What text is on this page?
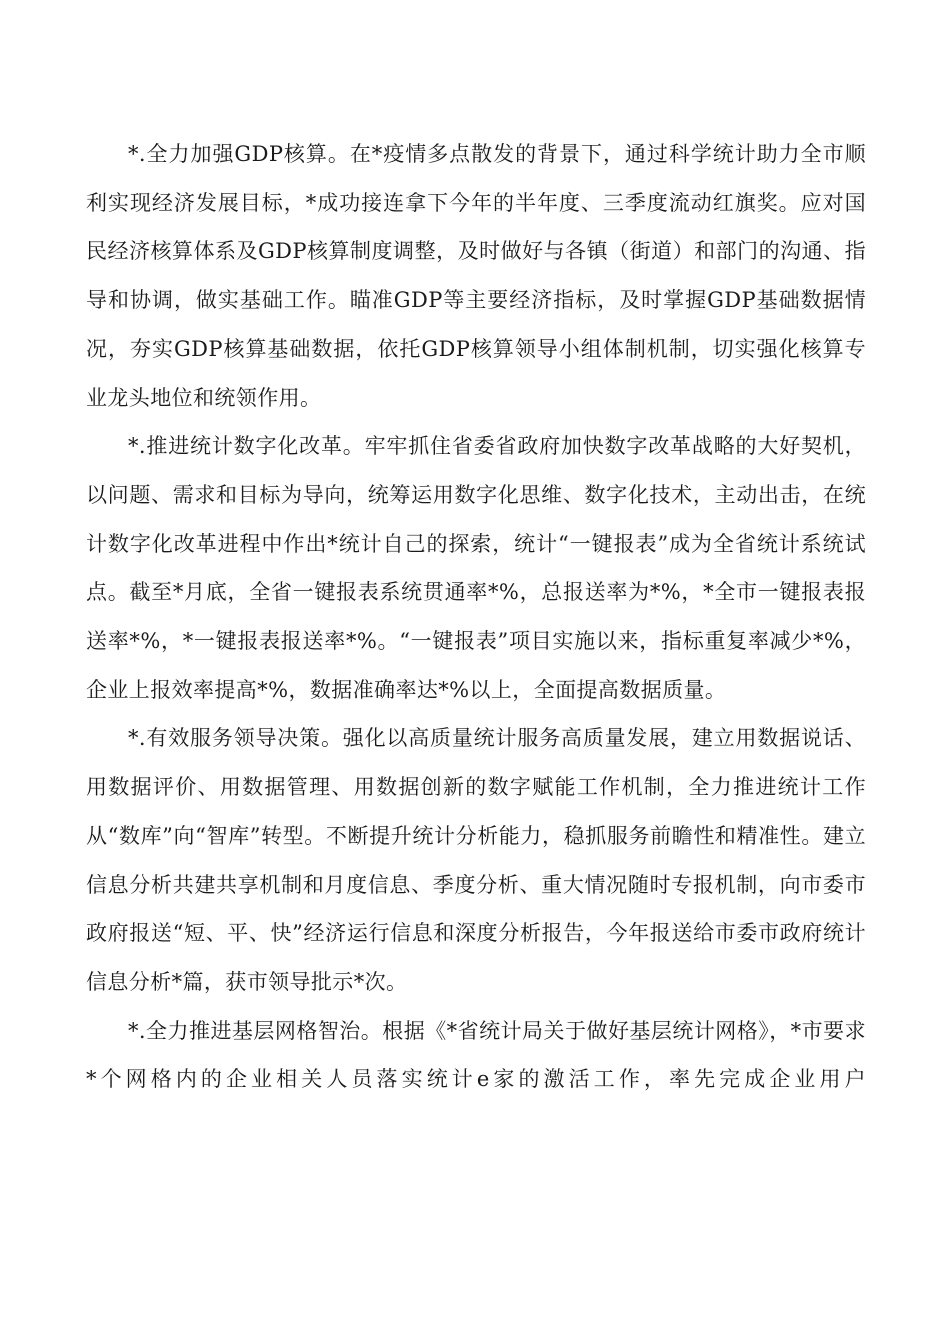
*.全力加强GDP核算。在*疫情多点散发的背景下，通过科学统计助力全市顺利实现经济发展目标，*成功接连拿下今年的半年度、三季度流动红旗奖。应对国民经济核算体系及GDP核算制度调整，及时做好与各镇（街道）和部门的沟通、指导和协调，做实基础工作。瞄准GDP等主要经济指标，及时掌握GDP基础数据情况，夯实GDP核算基础数据，依托GDP核算领导小组体制机制，切实强化核算专业龙头地位和统领作用。

*.推进统计数字化改革。牢牢抓住省委省政府加快数字改革战略的大好契机，以问题、需求和目标为导向，统筹运用数字化思维、数字化技术，主动出击，在统计数字化改革进程中作出*统计自己的探索，统计“一键报表”成为全省统计系统试点。截至*月底，全省一键报表系统贯通率*%，总报送率为*%，*全市一键报表报送率*%，*一键报表报送率*%。“一键报表”项目实施以来，指标重复率减少*%，企业上报效率提高*%，数据准确率达*%以上，全面提高数据质量。

*.有效服务领导决策。强化以高质量统计服务高质量发展，建立用数据说话、用数据评价、用数据管理、用数据创新的数字赋能工作机制，全力推进统计工作从“数库”向“智库”转型。不断提升统计分析能力，稳抓服务前瞻性和精准性。建立信息分析共建共享机制和月度信息、季度分析、重大情况随时专报机制，向市委市政府报送“短、平、快”经济运行信息和深度分析报告，今年报送给市委市政府统计信息分析*篇，获市领导批示*次。

*.全力推进基层网格智治。根据《*省统计局关于做好基层统计网格》，*市要求*个网格内的企业相关人员落实统计e家的激活工作，率先完成企业用户
